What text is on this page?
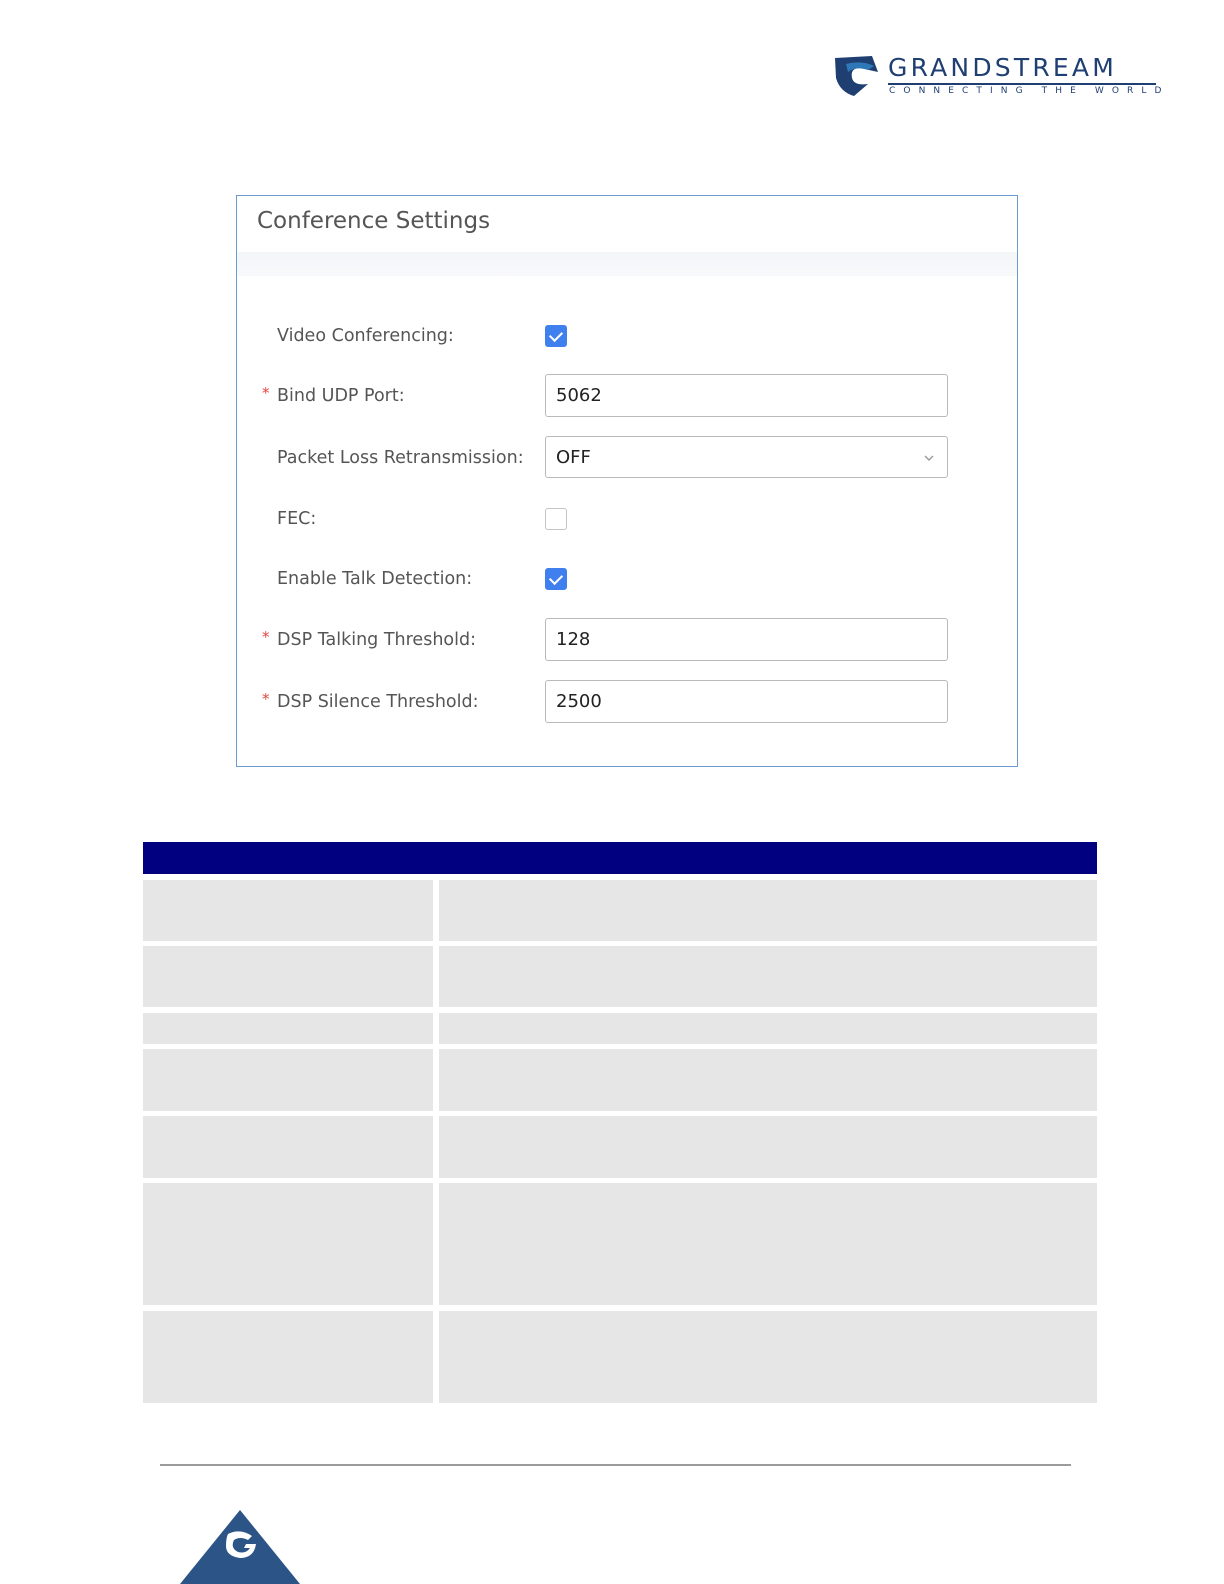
GRANDSTREAM
CONNECTING THE WORLD
Conference Settings
Video Conferencing:
* Bind UDP Port:
5062
Packet Loss Retransmission: OFF
FEC:
Enable Talk Detection:
* DSP Talking Threshold:
128
* DSP Silence Threshold:
2500
